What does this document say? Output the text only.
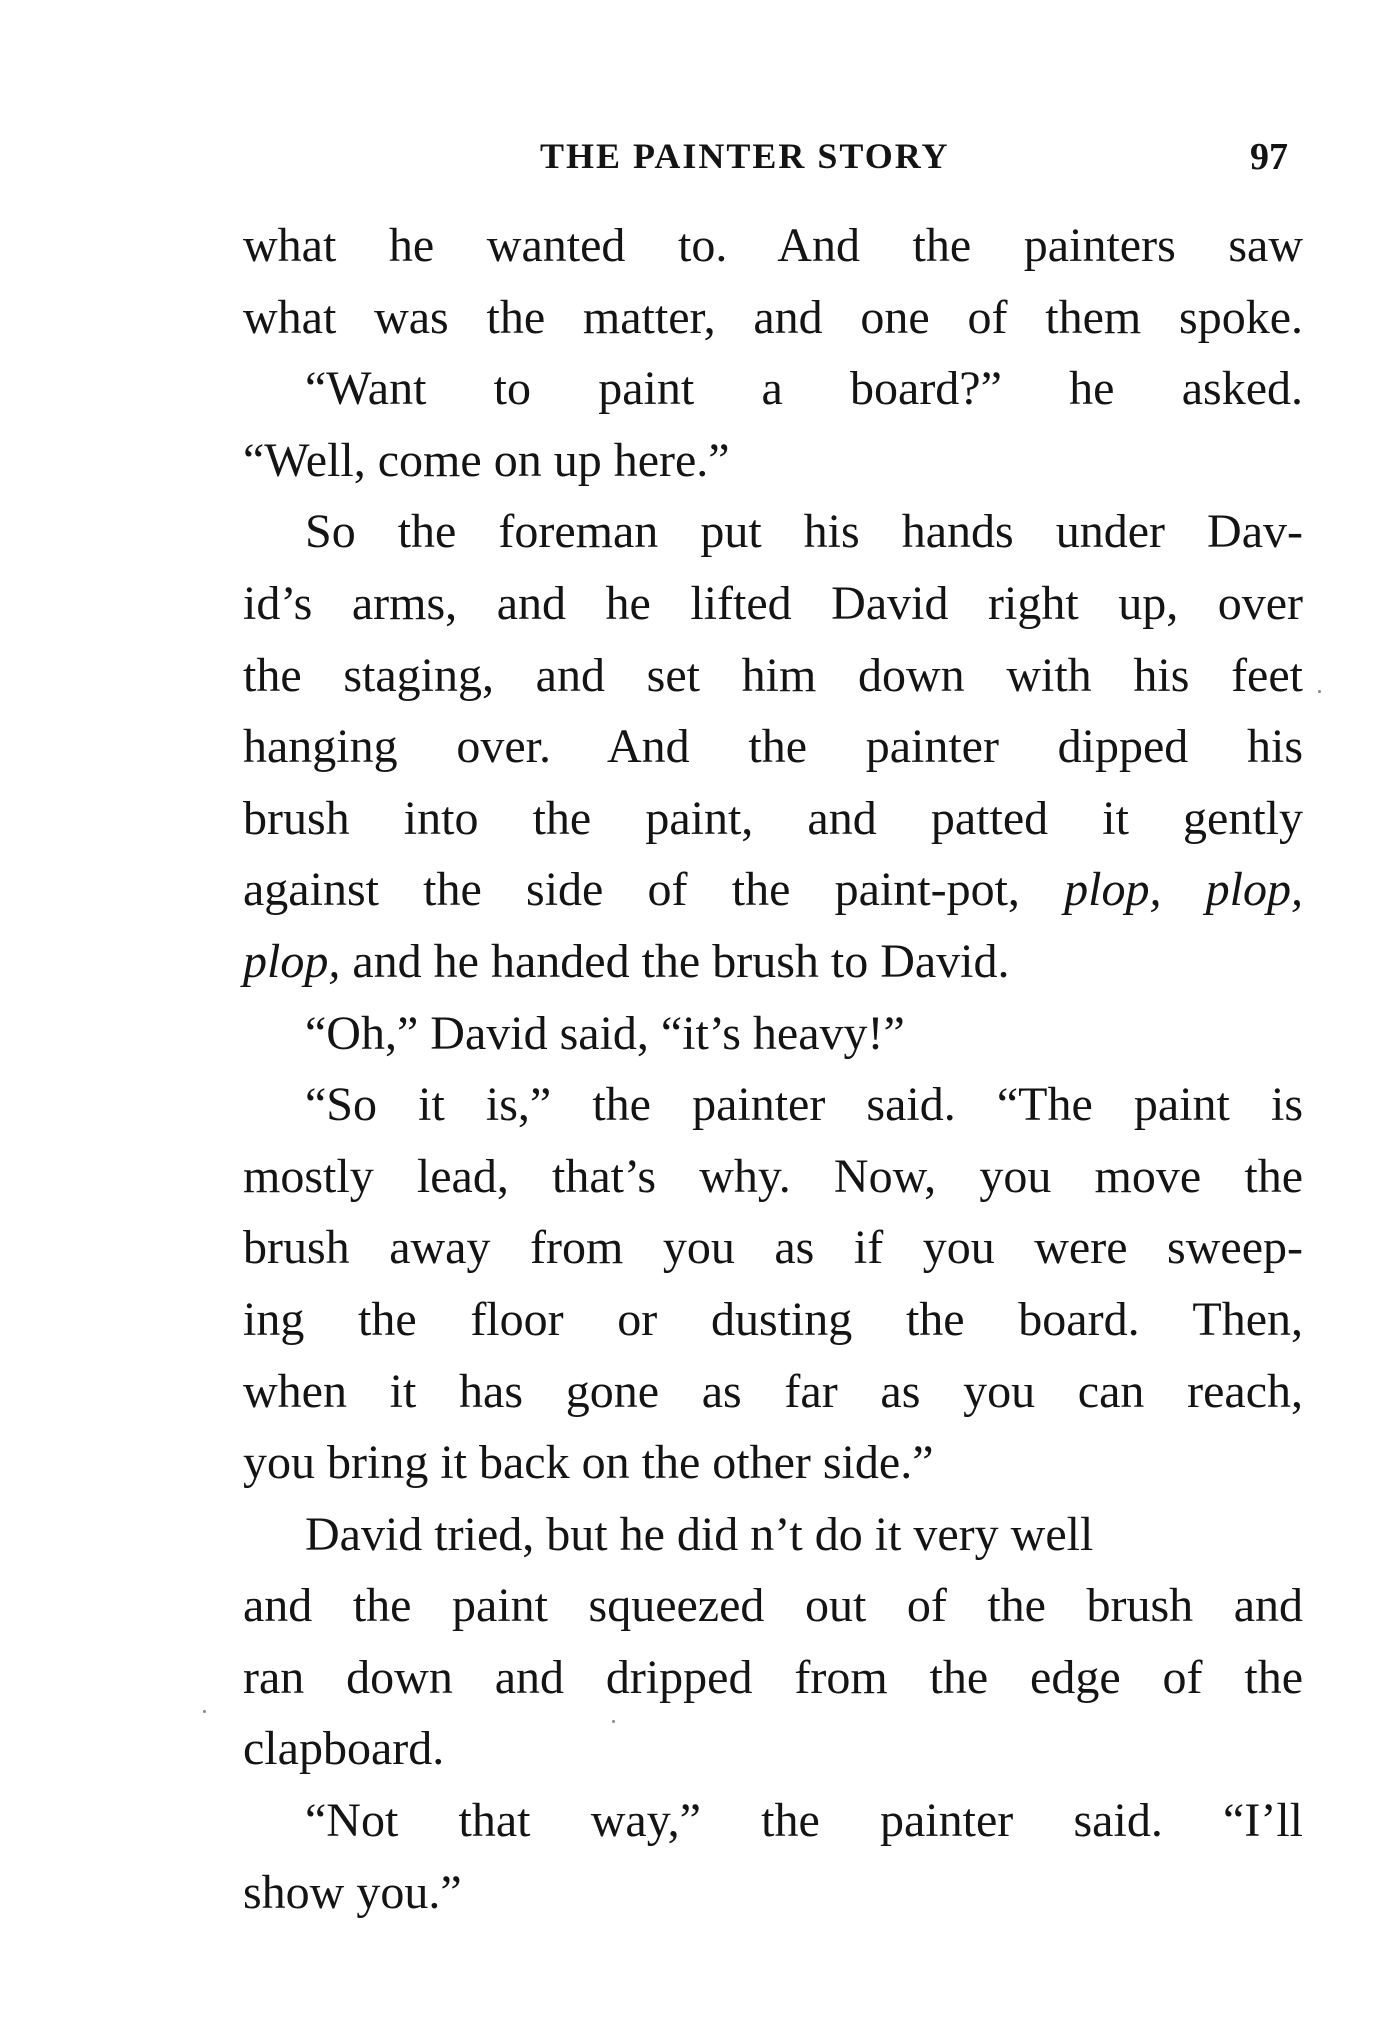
THE PAINTER STORY	97
what he wanted to. And the painters saw
what was the matter, and one of them spoke.
“Want to paint a board?” he asked.
“Well, come on up here.”
So the foreman put his hands under Dav-
id’s arms, and he lifted David right up, over
the staging, and set him down with his feet
hanging over. And the painter dipped his
brush into the paint, and patted it gently
against the side of the paint-pot, plop, plop,
plop, and he handed the brush to David.
“Oh,” David said, “it’s heavy!”
“So it is,” the painter said. “The paint is
mostly lead, that’s why. Now, you move the
brush away from you as if you were sweep-
ing the floor or dusting the board. Then,
when it has gone as far as you can reach,
you bring it back on the other side.”
David tried, but he did n’t do it very well
and the paint squeezed out of the brush and
ran down and dripped from the edge of the
clapboard.
“Not that way,” the painter said. “I’ll
show you.”
